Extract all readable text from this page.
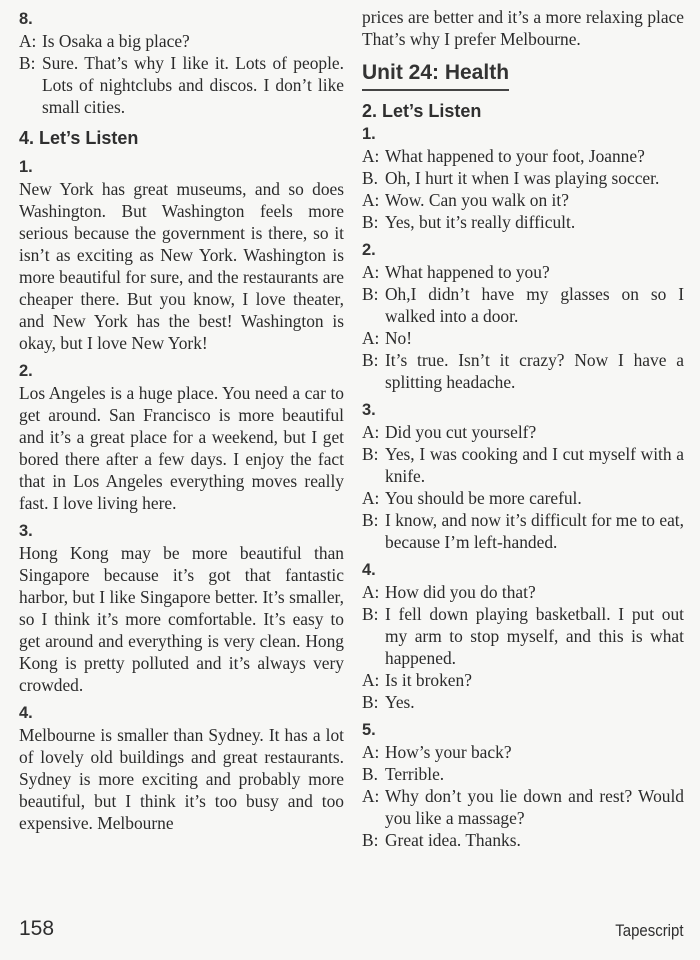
8.
A: Is Osaka a big place?
B: Sure. That’s why I like it. Lots of people. Lots of nightclubs and discos. I don’t like small cities.
4. Let’s Listen
1.

New York has great museums, and so does Washington. But Washington feels more serious because the government is there, so it isn’t as exciting as New York. Washington is more beautiful for sure, and the restaurants are cheaper there. But you know, I love theater, and New York has the best! Washington is okay, but I love New York!

2.

Los Angeles is a huge place. You need a car to get around. San Francisco is more beautiful and it’s a great place for a weekend, but I get bored there after a few days. I enjoy the fact that in Los Angeles everything moves really fast. I love living here.

3.

Hong Kong may be more beautiful than Singapore because it’s got that fantastic harbor, but I like Singapore better. It’s smaller, so I think it’s more comfortable. It’s easy to get around and everything is very clean. Hong Kong is pretty polluted and it’s always very crowded.

4.

Melbourne is smaller than Sydney. It has a lot of lovely old buildings and great restaurants. Sydney is more exciting and probably more beautiful, but I think it’s too busy and too expensive. Melbourne

prices are better and it’s a more relaxing place That’s why I prefer Melbourne.

Unit 24: Health
2. Let’s Listen
1.
A: What happened to your foot, Joanne?
B. Oh, I hurt it when I was playing soccer.
A: Wow. Can you walk on it?
B: Yes, but it’s really difficult.
2.
A: What happened to you?
B: Oh,I didn’t have my glasses on so I walked into a door.
A: No!
B: It’s true. Isn’t it crazy? Now I have a splitting headache.
3.
A: Did you cut yourself?
B: Yes, I was cooking and I cut myself with a knife.
A: You should be more careful.
B: I know, and now it’s difficult for me to eat, because I’m left-handed.
4.
A: How did you do that?
B: I fell down playing basketball. I put out my arm to stop myself, and this is what happened.
A: Is it broken?
B: Yes.
5.
A: How’s your back?
B. Terrible.
A: Why don’t you lie down and rest? Would you like a massage?
B: Great idea. Thanks.
158	Tapescript
